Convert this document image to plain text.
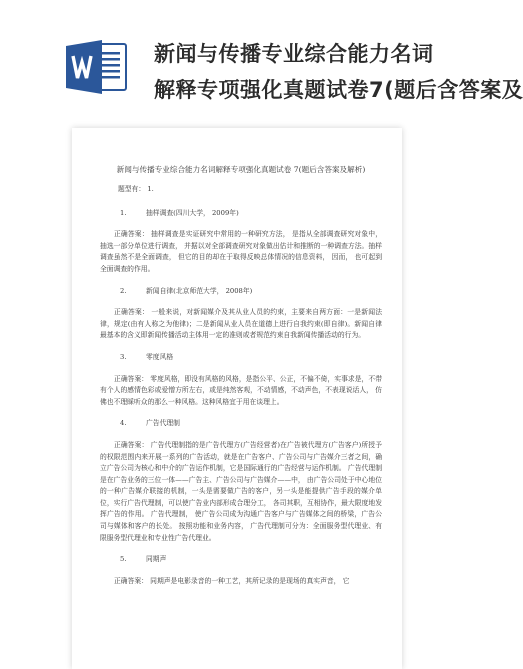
新闻与传播专业综合能力名词
解释专项强化真题试卷7(题后含答案及

新闻与传播专业综合能力名词解释专项强化真题试卷 7(题后含答案及解析)

题型有： 1.
1.	抽样调查(四川大学， 2009年)

正确答案： 抽样调查是实证研究中常用的一种研究方法， 是指从全部调查研究对象中， 抽选一部分单位进行调查， 并据以对全部调查研究对象做出估计和推断的一种调查方法。抽样调查虽然不是全面调查， 但它的目的却在于取得反映总体情况的信息资料， 因而， 也可起到全面调查的作用。

2.	新闻自律(北京师范大学， 2008年)

正确答案： 一般来说，对新闻媒介及其从业人员的约束，主要来自两方面：一是新闻法律，规定(由有人称之为他律)；二是新闻从业人员在道德上进行自我约束(即自律)。新闻自律最基本的含义即新闻传播活动主体用一定的准则或者规范约束自我新闻传播活动的行为。

3.	零度风格

正确答案： 零度风格，即没有风格的风格，是指公平、公正，不偏不倚，实事求是，不带有个人的感情色彩或爱憎方所左右，或是纯然客观，不动情感，不动声色，不表现说话人， 仿佛也不理睬听众的那么一种风格。这种风格宜于用在谈理上。

4.	广告代理制

正确答案： 广告代理制指的是广告代理方(广告经营者)在广告被代理方(广告客户)所授予的权限范围内来开展一系列的广告活动，就是在广告客户、广告公司与广告媒介三者之间，确立广告公司为核心和中介的广告运作机制，它是国际通行的广告经营与运作机制。 广告代理制是在广告业务的三位一体——广告主、广告公司与广告媒介——中， 由广告公司处于中心地位的一种广告媒介联接的机制，一头是需要做广告的客户，另一头是能提供广告手段的媒介单位，实行广告代理制，可以使广告业内部形成合理分工， 各司其职，互相协作，最大限度地发挥广告的作用。 广告代理制， 使广告公司成为沟通广告客户与广告媒体之间的桥梁，广告公司与媒体和客户的长处。 按照功能和业务内容， 广告代理制可分为：全面服务型代理业、有限服务型代理业和专业性广告代理业。

5.	同期声

正确答案： 同期声是电影录音的一种工艺，其所记录的是现场的真实声音， 它
